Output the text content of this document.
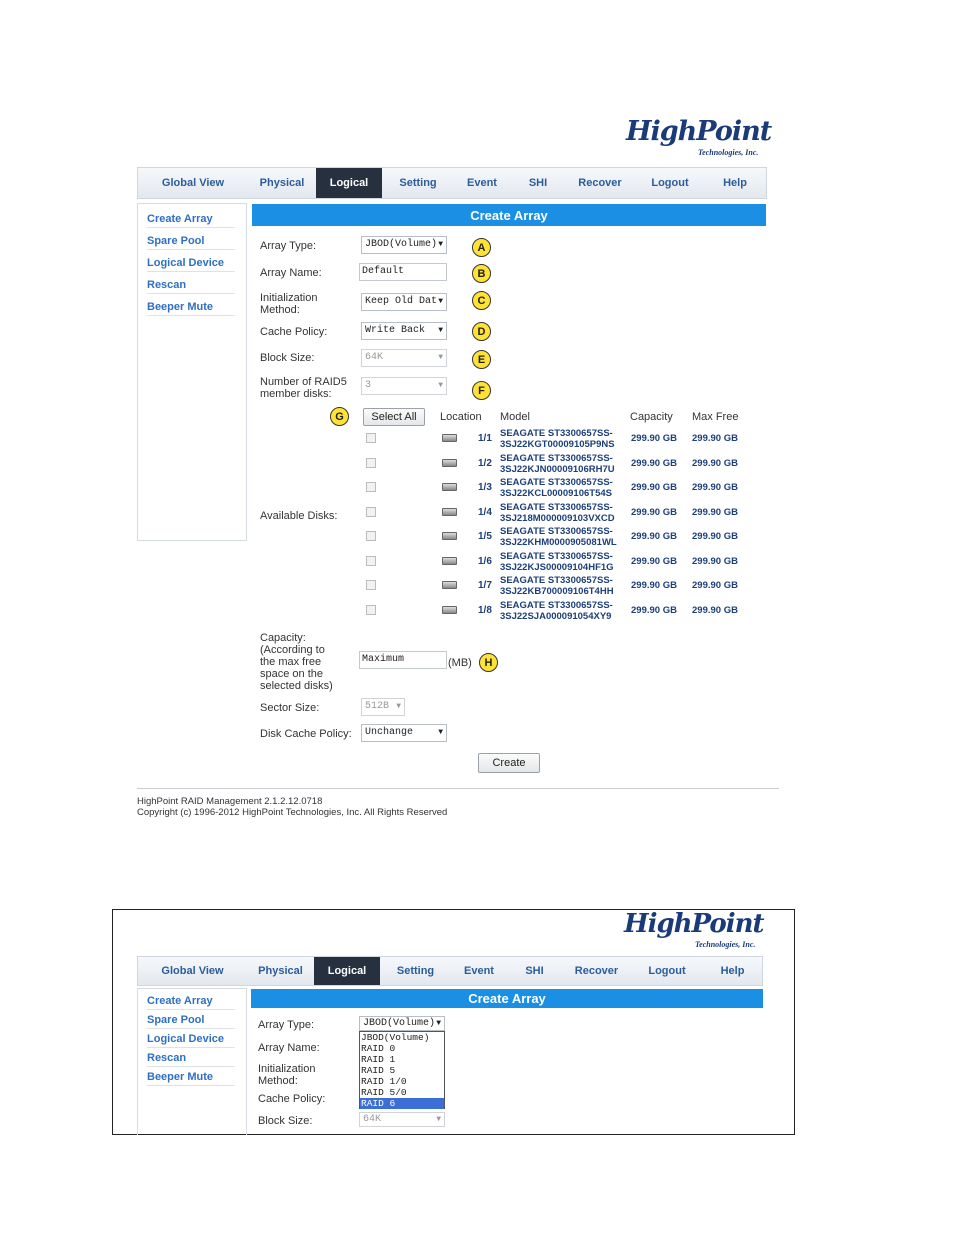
HighPoint
Technologies, Inc.
Global View	Physical	Logical	Setting	Event	SHI	Recover	Logout	Help
Create Array
Spare Pool
Logical Device
Rescan
Beeper Mute
Create Array
Array Type:	JBOD(Volume) ▼
Array Name:	Default
Initialization Method:
Keep Old Dat ▼
Cache Policy:	Write Back ▼
Block Size:	64K	▼
Number of RAID5 member disks:
3	▼
A
B
C
D
E
F
G
H
Select All	Location Model	Capacity Max Free
Available Disks:
1/1 SEAGATE ST3300657SS-
3SJ22KGT00009105P9NS
299.90 GB 299.90 GB
1/2 SEAGATE ST3300657SS-
3SJ22KJN00009106RH7U
299.90 GB 299.90 GB
1/3 SEAGATE ST3300657SS-
3SJ22KCL00009106T54S
299.90 GB 299.90 GB
1/4 SEAGATE ST3300657SS-
3SJ218M000009103VXCD
299.90 GB 299.90 GB
1/5 SEAGATE ST3300657SS-
3SJ22KHM0000905081WL
299.90 GB 299.90 GB
1/6 SEAGATE ST3300657SS-
3SJ22KJS00009104HF1G
299.90 GB 299.90 GB
1/7 SEAGATE ST3300657SS-
3SJ22KB700009106T4HH
299.90 GB 299.90 GB
1/8 SEAGATE ST3300657SS-
3SJ22SJA000091054XY9
299.90 GB 299.90 GB
Capacity: (According to the max free space on the selected disks)
Maximum	(MB)
Sector Size:	512B ▼
Disk Cache Policy:	Unchange	▼
Create
HighPoint RAID Management 2.1.2.12.0718
Copyright (c) 1996-2012 HighPoint Technologies, Inc. All Rights Reserved
HighPoint
Technologies, Inc.
Global View	Physical	Logical	Setting	Event	SHI	Recover	Logout	Help
Create Array
Spare Pool
Logical Device
Rescan
Beeper Mute
Create Array
Array Type:	JBOD(Volume) ▼
JBOD(Volume)
RAID 0
RAID 1
RAID 5
RAID 1/0
RAID 5/0
RAID 6
Array Name:
Initialization Method:
Cache Policy:
Block Size:	64K	▼
